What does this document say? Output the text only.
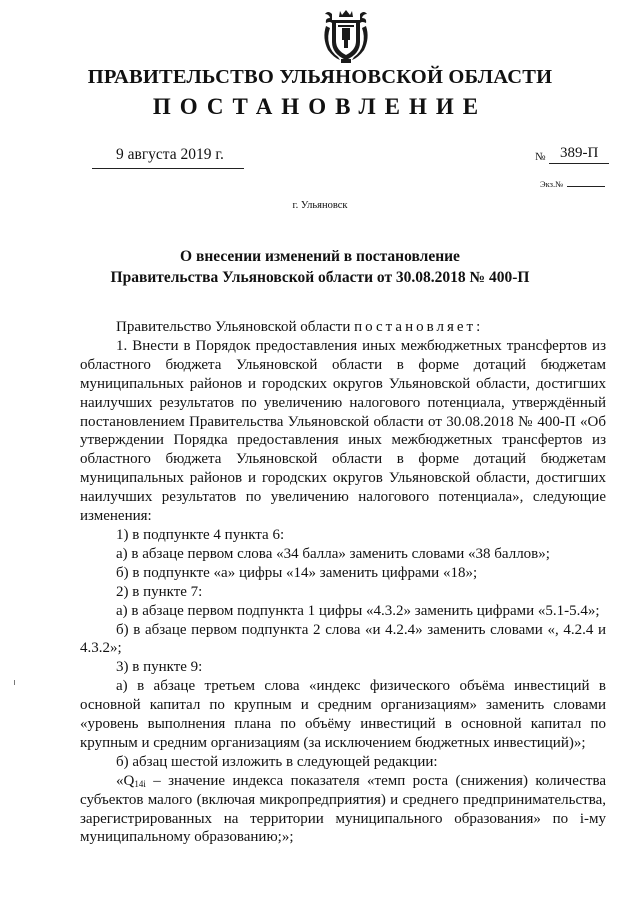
ПРАВИТЕЛЬСТВО УЛЬЯНОВСКОЙ ОБЛАСТИ
ПОСТАНОВЛЕНИЕ
9 августа 2019 г.	№ 389-П
Экз.№
г. Ульяновск
О внесении изменений в постановление
Правительства Ульяновской области от 30.08.2018 № 400-П

Правительство Ульяновской области постановляет:

1. Внести в Порядок предоставления иных межбюджетных трансфертов из областного бюджета Ульяновской области в форме дотаций бюджетам муниципальных районов и городских округов Ульяновской области, достигших наилучших результатов по увеличению налогового потенциала, утверждённый постановлением Правительства Ульяновской области от 30.08.2018 № 400-П «Об утверждении Порядка предоставления иных межбюджетных трансфертов из областного бюджета Ульяновской области в форме дотаций бюджетам муниципальных районов и городских округов Ульяновской области, достигших наилучших результатов по увеличению налогового потенциала», следующие изменения:

1) в подпункте 4 пункта 6:

а) в абзаце первом слова «34 балла» заменить словами «38 баллов»;

б) в подпункте «а» цифры «14» заменить цифрами «18»;

2) в пункте 7:

а) в абзаце первом подпункта 1 цифры «4.3.2» заменить цифрами «5.1-5.4»;

б) в абзаце первом подпункта 2 слова «и 4.2.4» заменить словами «, 4.2.4 и 4.3.2»;

3) в пункте 9:

а) в абзаце третьем слова «индекс физического объёма инвестиций в основной капитал по крупным и средним организациям» заменить словами «уровень выполнения плана по объёму инвестиций в основной капитал по крупным и средним организациям (за исключением бюджетных инвестиций)»;

б) абзац шестой изложить в следующей редакции:

«$Q_{14i}$ – значение индекса показателя «темп роста (снижения) количества субъектов малого (включая микропредприятия) и среднего предпринимательства, зарегистрированных на территории муниципального образования» по i-му муниципальному образованию;»;
